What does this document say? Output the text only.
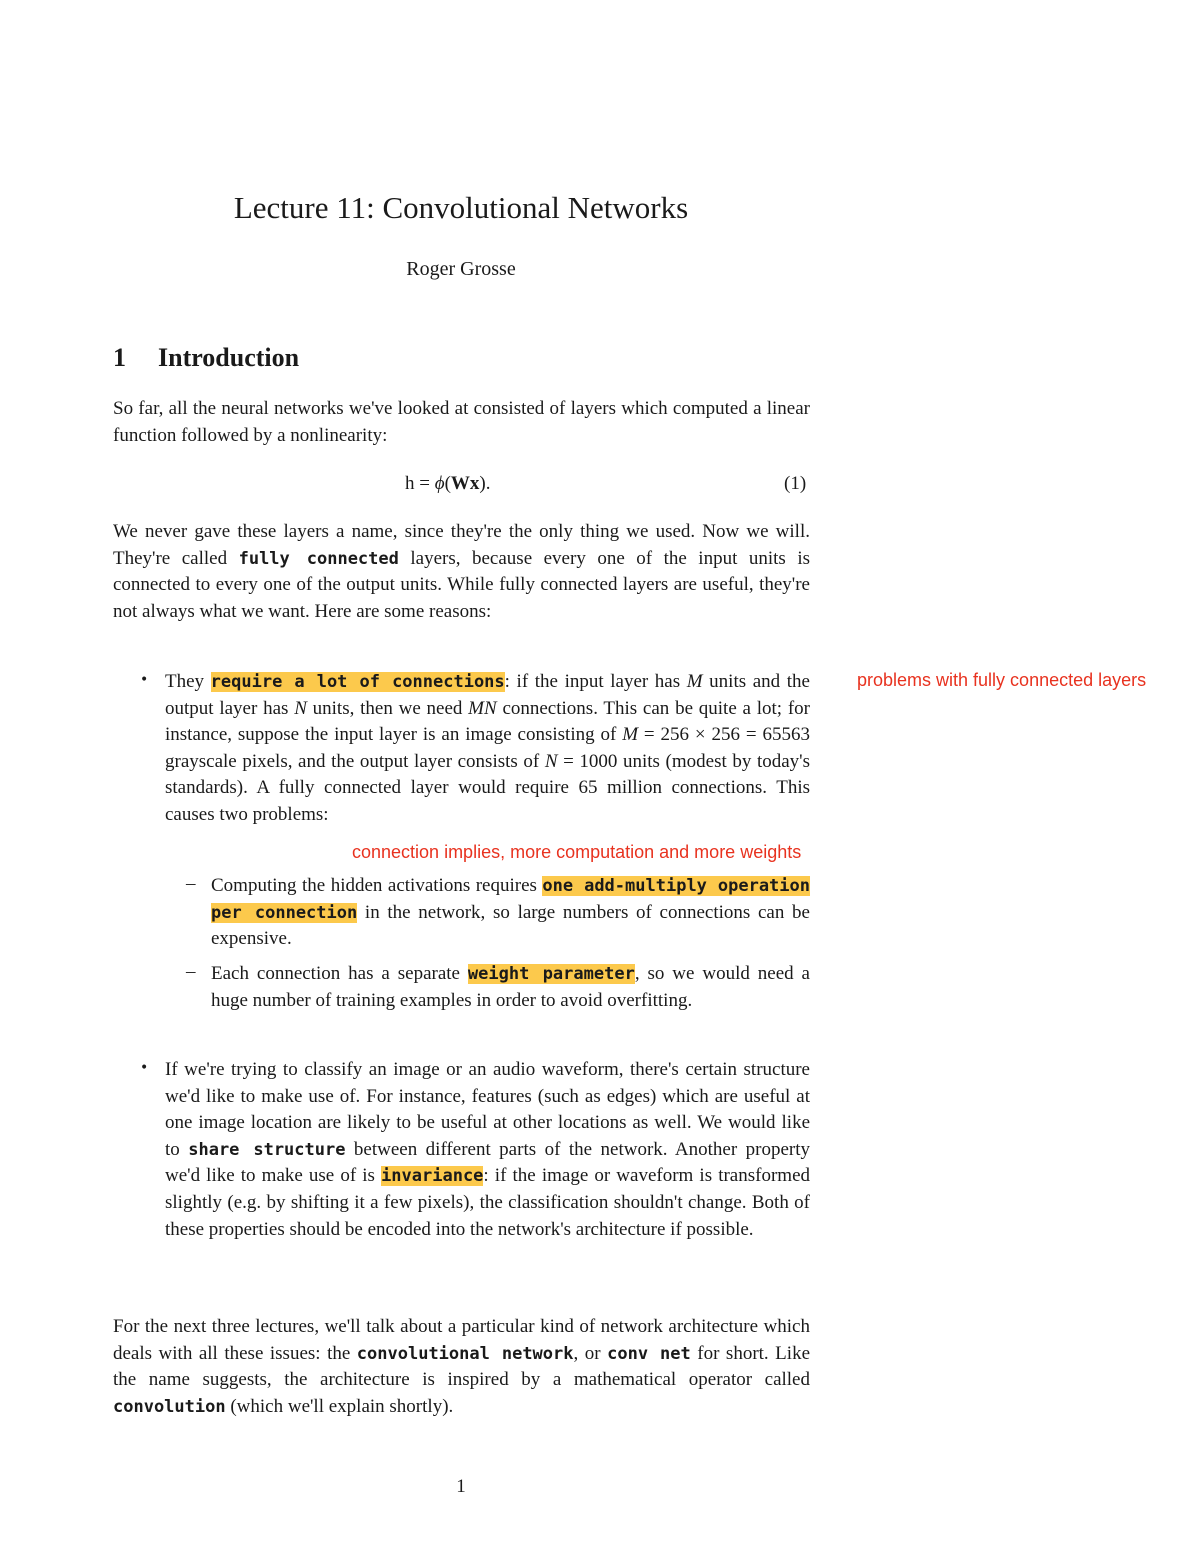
Lecture 11: Convolutional Networks
Roger Grosse
1 Introduction
So far, all the neural networks we've looked at consisted of layers which computed a linear function followed by a nonlinearity:
h = ϕ(Wx).	(1)
We never gave these layers a name, since they're the only thing we used. Now we will. They're called fully connected layers, because every one of the input units is connected to every one of the output units. While fully connected layers are useful, they're not always what we want. Here are some reasons:
• They require a lot of connections: if the input layer has M units and the output layer has N units, then we need MN connections. This can be quite a lot; for instance, suppose the input layer is an image consisting of M = 256 × 256 = 65563 grayscale pixels, and the output layer consists of N = 1000 units (modest by today's standards). A fully connected layer would require 65 million connections. This causes two problems:
– Computing the hidden activations requires one add-multiply operation per connection in the network, so large numbers of connections can be expensive.
– Each connection has a separate weight parameter, so we would need a huge number of training examples in order to avoid overfitting.
• If we're trying to classify an image or an audio waveform, there's certain structure we'd like to make use of. For instance, features (such as edges) which are useful at one image location are likely to be useful at other locations as well. We would like to share structure between different parts of the network. Another property we'd like to make use of is invariance: if the image or waveform is transformed slightly (e.g. by shifting it a few pixels), the classification shouldn't change. Both of these properties should be encoded into the network's architecture if possible.
For the next three lectures, we'll talk about a particular kind of network architecture which deals with all these issues: the convolutional network, or conv net for short. Like the name suggests, the architecture is inspired by a mathematical operator called convolution (which we'll explain shortly).
problems with fully connected layers
connection implies, more computation and more weights
1
